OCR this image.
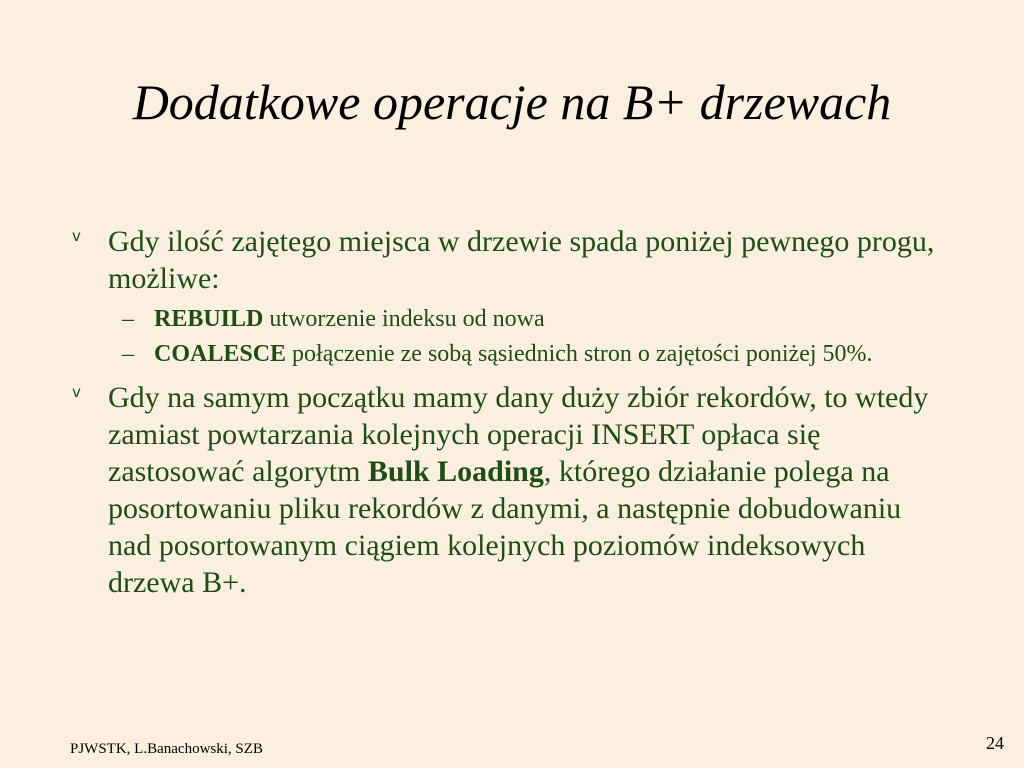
Dodatkowe operacje na B+ drzewach
v Gdy ilość zajętego miejsca w drzewie spada poniżej pewnego progu, możliwe:
– REBUILD utworzenie indeksu od nowa
– COALESCE połączenie ze sobą sąsiednich stron o zajętości poniżej 50%.
v Gdy na samym początku mamy dany duży zbiór rekordów, to wtedy zamiast powtarzania kolejnych operacji INSERT opłaca się zastosować algorytm Bulk Loading, którego działanie polega na posortowaniu pliku rekordów z danymi, a następnie dobudowaniu nad posortowanym ciągiem kolejnych poziomów indeksowych drzewa B+.
PJWSTK, L.Banachowski, SZB	24
